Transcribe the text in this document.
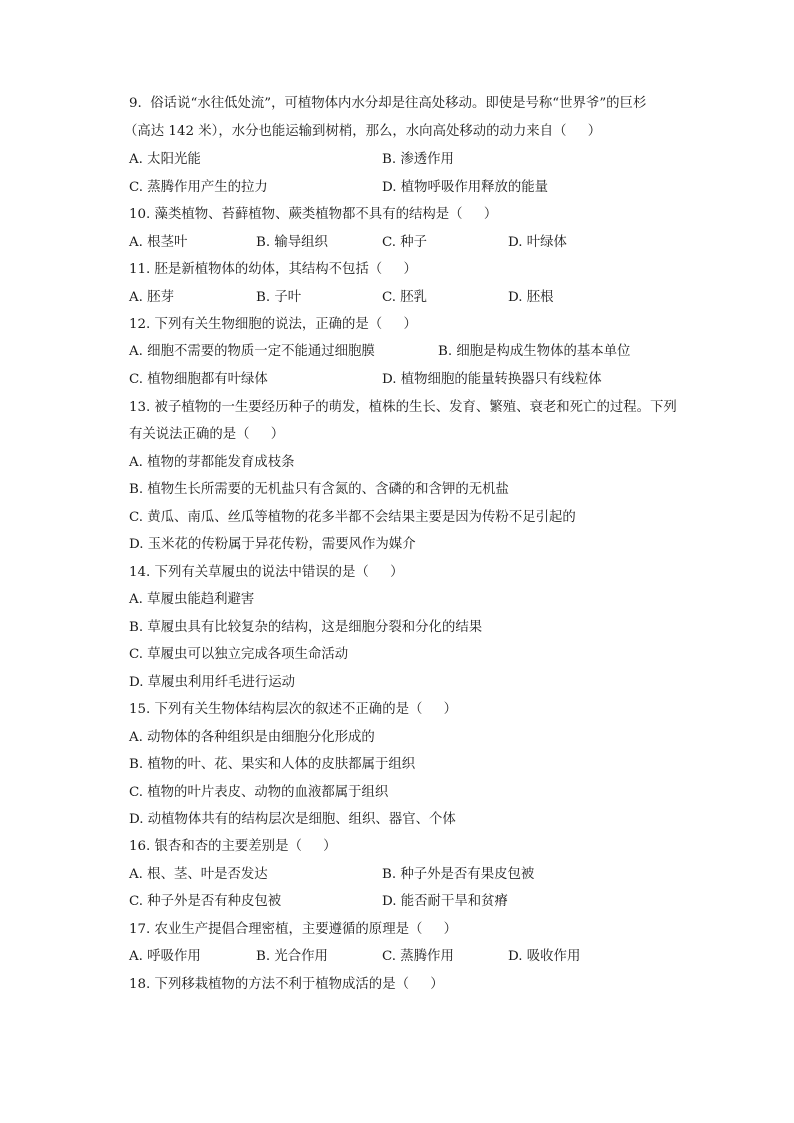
9.  俗话说“水往低处流”，可植物体内水分却是往高处移动。即使是号称“世界爷”的巨杉
（高达 142 米），水分也能运输到树梢，那么，水向高处移动的动力来自（     ）
A. 太阳光能	B. 渗透作用
C. 蒸腾作用产生的拉力	D. 植物呼吸作用释放的能量
10. 藻类植物、苔藓植物、蕨类植物都不具有的结构是（     ）
A. 根茎叶	B. 输导组织	C. 种子	D. 叶绿体
11. 胚是新植物体的幼体，其结构不包括（     ）
A. 胚芽	B. 子叶	C. 胚乳	D. 胚根
12. 下列有关生物细胞的说法，正确的是（     ）
A. 细胞不需要的物质一定不能通过细胞膜	B. 细胞是构成生物体的基本单位
C. 植物细胞都有叶绿体	D. 植物细胞的能量转换器只有线粒体
13. 被子植物的一生要经历种子的萌发，植株的生长、发育、繁殖、衰老和死亡的过程。下列
有关说法正确的是（     ）
A. 植物的芽都能发育成枝条
B. 植物生长所需要的无机盐只有含氮的、含磷的和含钾的无机盐
C. 黄瓜、南瓜、丝瓜等植物的花多半都不会结果主要是因为传粉不足引起的
D. 玉米花的传粉属于异花传粉，需要风作为媒介
14. 下列有关草履虫的说法中错误的是（     ）
A. 草履虫能趋利避害
B. 草履虫具有比较复杂的结构，这是细胞分裂和分化的结果
C. 草履虫可以独立完成各项生命活动
D. 草履虫利用纤毛进行运动
15. 下列有关生物体结构层次的叙述不正确的是（     ）
A. 动物体的各种组织是由细胞分化形成的
B. 植物的叶、花、果实和人体的皮肤都属于组织
C. 植物的叶片表皮、动物的血液都属于组织
D. 动植物体共有的结构层次是细胞、组织、器官、个体
16. 银杏和杏的主要差别是（     ）
A. 根、茎、叶是否发达	B. 种子外是否有果皮包被
C. 种子外是否有种皮包被	D. 能否耐干旱和贫瘠
17. 农业生产提倡合理密植，主要遵循的原理是（     ）
A. 呼吸作用	B. 光合作用	C. 蒸腾作用	D. 吸收作用
18. 下列移栽植物的方法不利于植物成活的是（     ）
